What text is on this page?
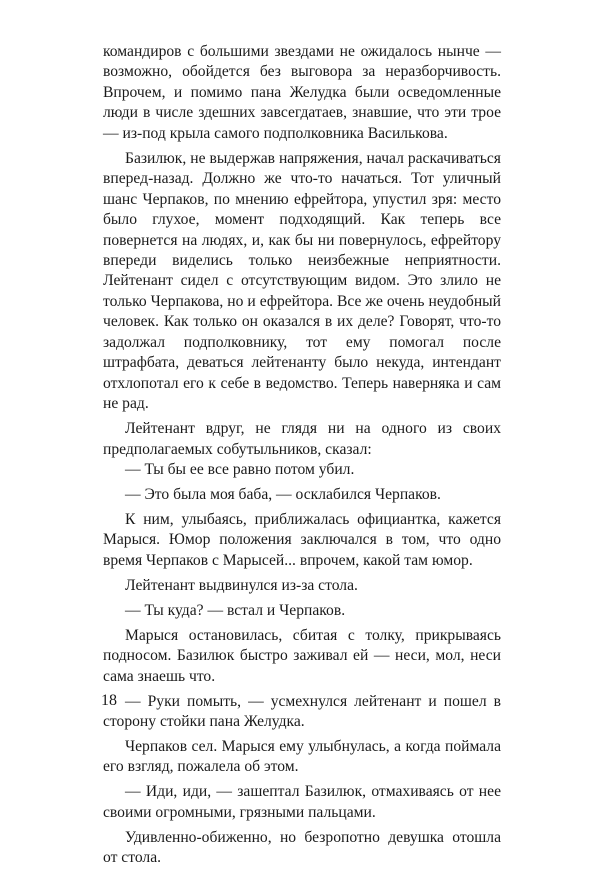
командиров с большими звездами не ожидалось нынче — возможно, обойдется без выговора за неразборчивость. Впрочем, и помимо пана Желудка были осведомленные люди в числе здешних завсегдатаев, знавшие, что эти трое — из-под крыла самого подполковника Василькова.

Базилюк, не выдержав напряжения, начал раскачиваться вперед-назад. Должно же что-то начаться. Тот уличный шанс Черпаков, по мнению ефрейтора, упустил зря: место было глухое, момент подходящий. Как теперь все повернется на людях, и, как бы ни повернулось, ефрейтору впереди виделись только неизбежные неприятности. Лейтенант сидел с отсутствующим видом. Это злило не только Черпакова, но и ефрейтора. Все же очень неудобный человек. Как только он оказался в их деле? Говорят, что-то задолжал подполковнику, тот ему помогал после штрафбата, деваться лейтенанту было некуда, интендант отхлопотал его к себе в ведомство. Теперь наверняка и сам не рад.

Лейтенант вдруг, не глядя ни на одного из своих предполагаемых собутыльников, сказал:

— Ты бы ее все равно потом убил.

— Это была моя баба, — осклабился Черпаков.

К ним, улыбаясь, приближалась официантка, кажется Марыся. Юмор положения заключался в том, что одно время Черпаков с Марысей... впрочем, какой там юмор.

Лейтенант выдвинулся из-за стола.

— Ты куда? — встал и Черпаков.

Марыся остановилась, сбитая с толку, прикрываясь подносом. Базилюк быстро заживал ей — неси, мол, неси сама знаешь что.

— Руки помыть, — усмехнулся лейтенант и пошел в сторону стойки пана Желудка.

Черпаков сел. Марыся ему улыбнулась, а когда поймала его взгляд, пожалела об этом.

— Иди, иди, — зашептал Базилюк, отмахиваясь от нее своими огромными, грязными пальцами.

Удивленно-обиженно, но безропотно девушка отошла от стола.

18
